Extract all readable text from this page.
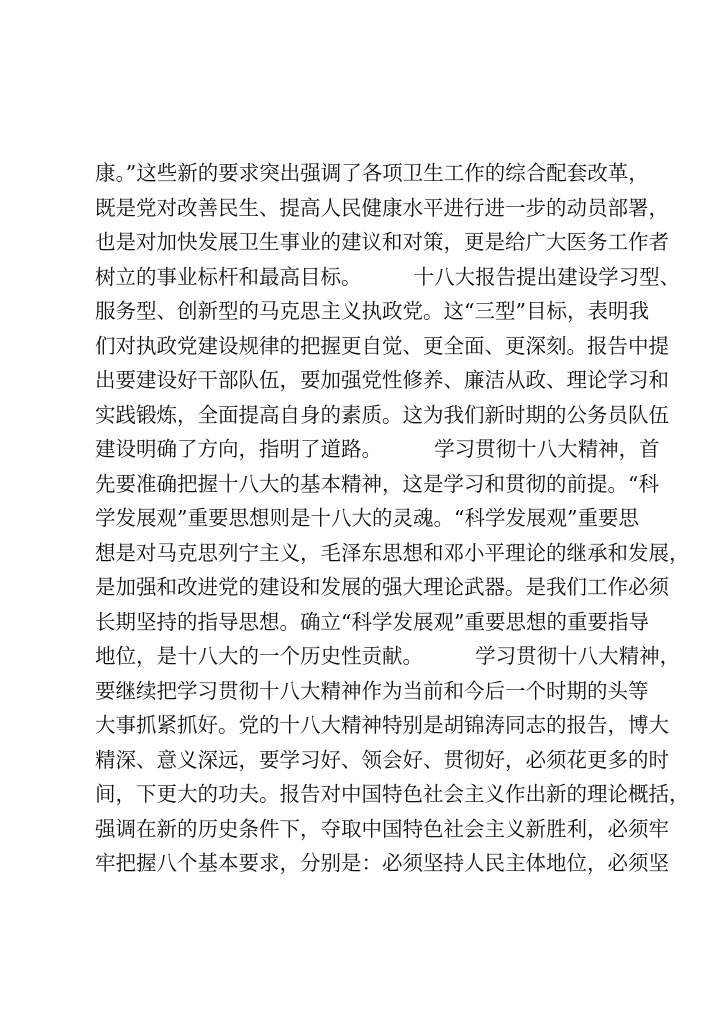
康。”这些新的要求突出强调了各项卫生工作的综合配套改革，
既是党对改善民生、提高人民健康水平进行进一步的动员部署，
也是对加快发展卫生事业的建议和对策，更是给广大医务工作者
树立的事业标杆和最高目标。        十八大报告提出建设学习型、
服务型、创新型的马克思主义执政党。这“三型”目标，表明我
们对执政党建设规律的把握更自觉、更全面、更深刻。报告中提
出要建设好干部队伍，要加强党性修养、廉洁从政、理论学习和
实践锻炼，全面提高自身的素质。这为我们新时期的公务员队伍
建设明确了方向，指明了道路。        学习贯彻十八大精神，首
先要准确把握十八大的基本精神，这是学习和贯彻的前提。“科
学发展观”重要思想则是十八大的灵魂。“科学发展观”重要思
想是对马克思列宁主义，毛泽东思想和邓小平理论的继承和发展，
是加强和改进党的建设和发展的强大理论武器。是我们工作必须
长期坚持的指导思想。确立“科学发展观”重要思想的重要指导
地位，是十八大的一个历史性贡献。        学习贯彻十八大精神，
要继续把学习贯彻十八大精神作为当前和今后一个时期的头等
大事抓紧抓好。党的十八大精神特别是胡锦涛同志的报告，博大
精深、意义深远，要学习好、领会好、贯彻好，必须花更多的时
间，下更大的功夫。报告对中国特色社会主义作出新的理论概括，
强调在新的历史条件下，夺取中国特色社会主义新胜利，必须牢
牢把握八个基本要求，分别是：必须坚持人民主体地位，必须坚
